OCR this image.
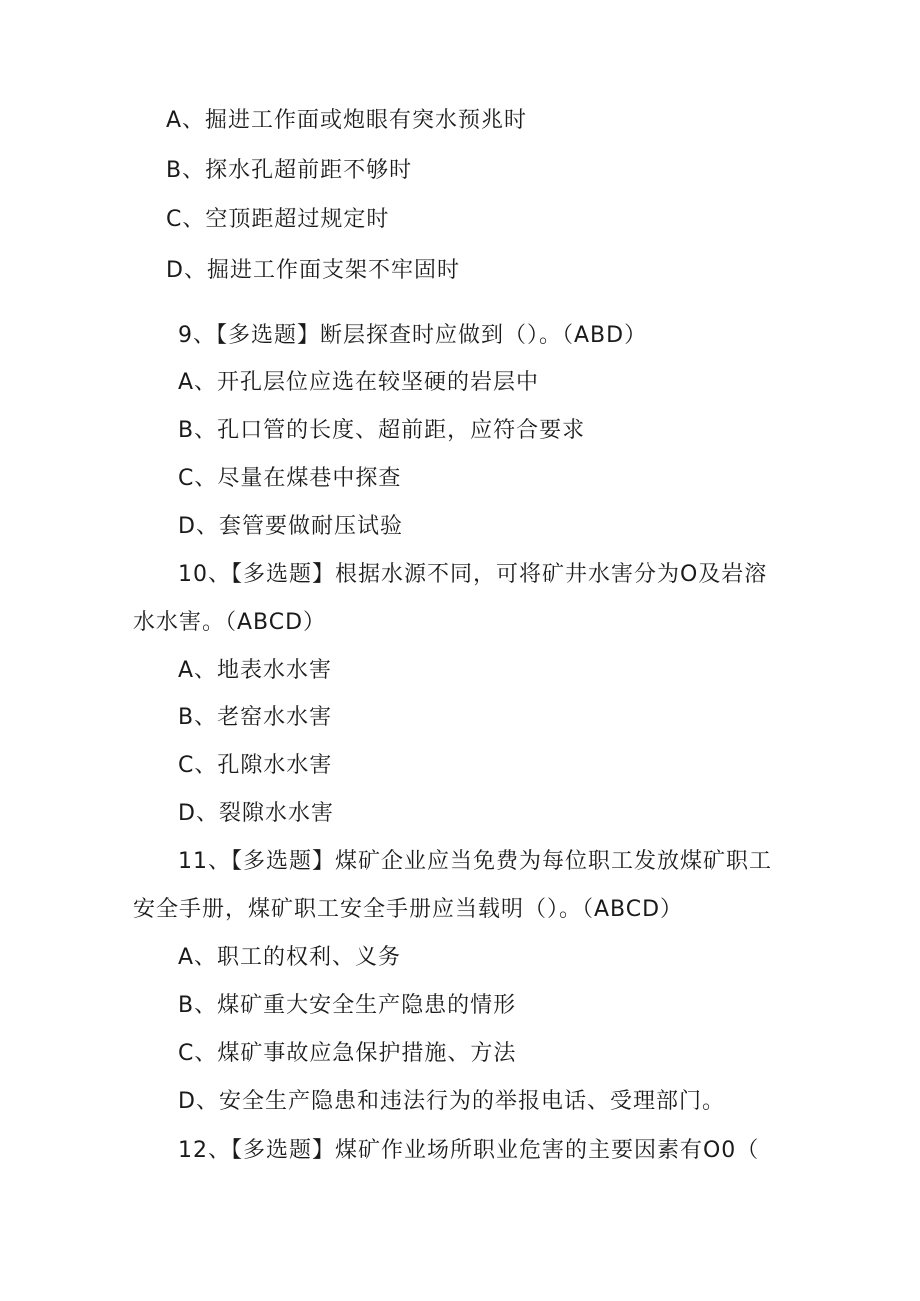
A、掘进工作面或炮眼有突水预兆时
B、探水孔超前距不够时
C、空顶距超过规定时
D、掘进工作面支架不牢固时
9、【多选题】断层探查时应做到（）。（ABD）
A、开孔层位应选在较坚硬的岩层中
B、孔口管的长度、超前距，应符合要求
C、尽量在煤巷中探查
D、套管要做耐压试验
10、【多选题】根据水源不同，可将矿井水害分为O及岩溶
水水害。（ABCD）
A、地表水水害
B、老窑水水害
C、孔隙水水害
D、裂隙水水害
11、【多选题】煤矿企业应当免费为每位职工发放煤矿职工
安全手册，煤矿职工安全手册应当载明（）。（ABCD）
A、职工的权利、义务
B、煤矿重大安全生产隐患的情形
C、煤矿事故应急保护措施、方法
D、安全生产隐患和违法行为的举报电话、受理部门。
12、【多选题】煤矿作业场所职业危害的主要因素有O0（
